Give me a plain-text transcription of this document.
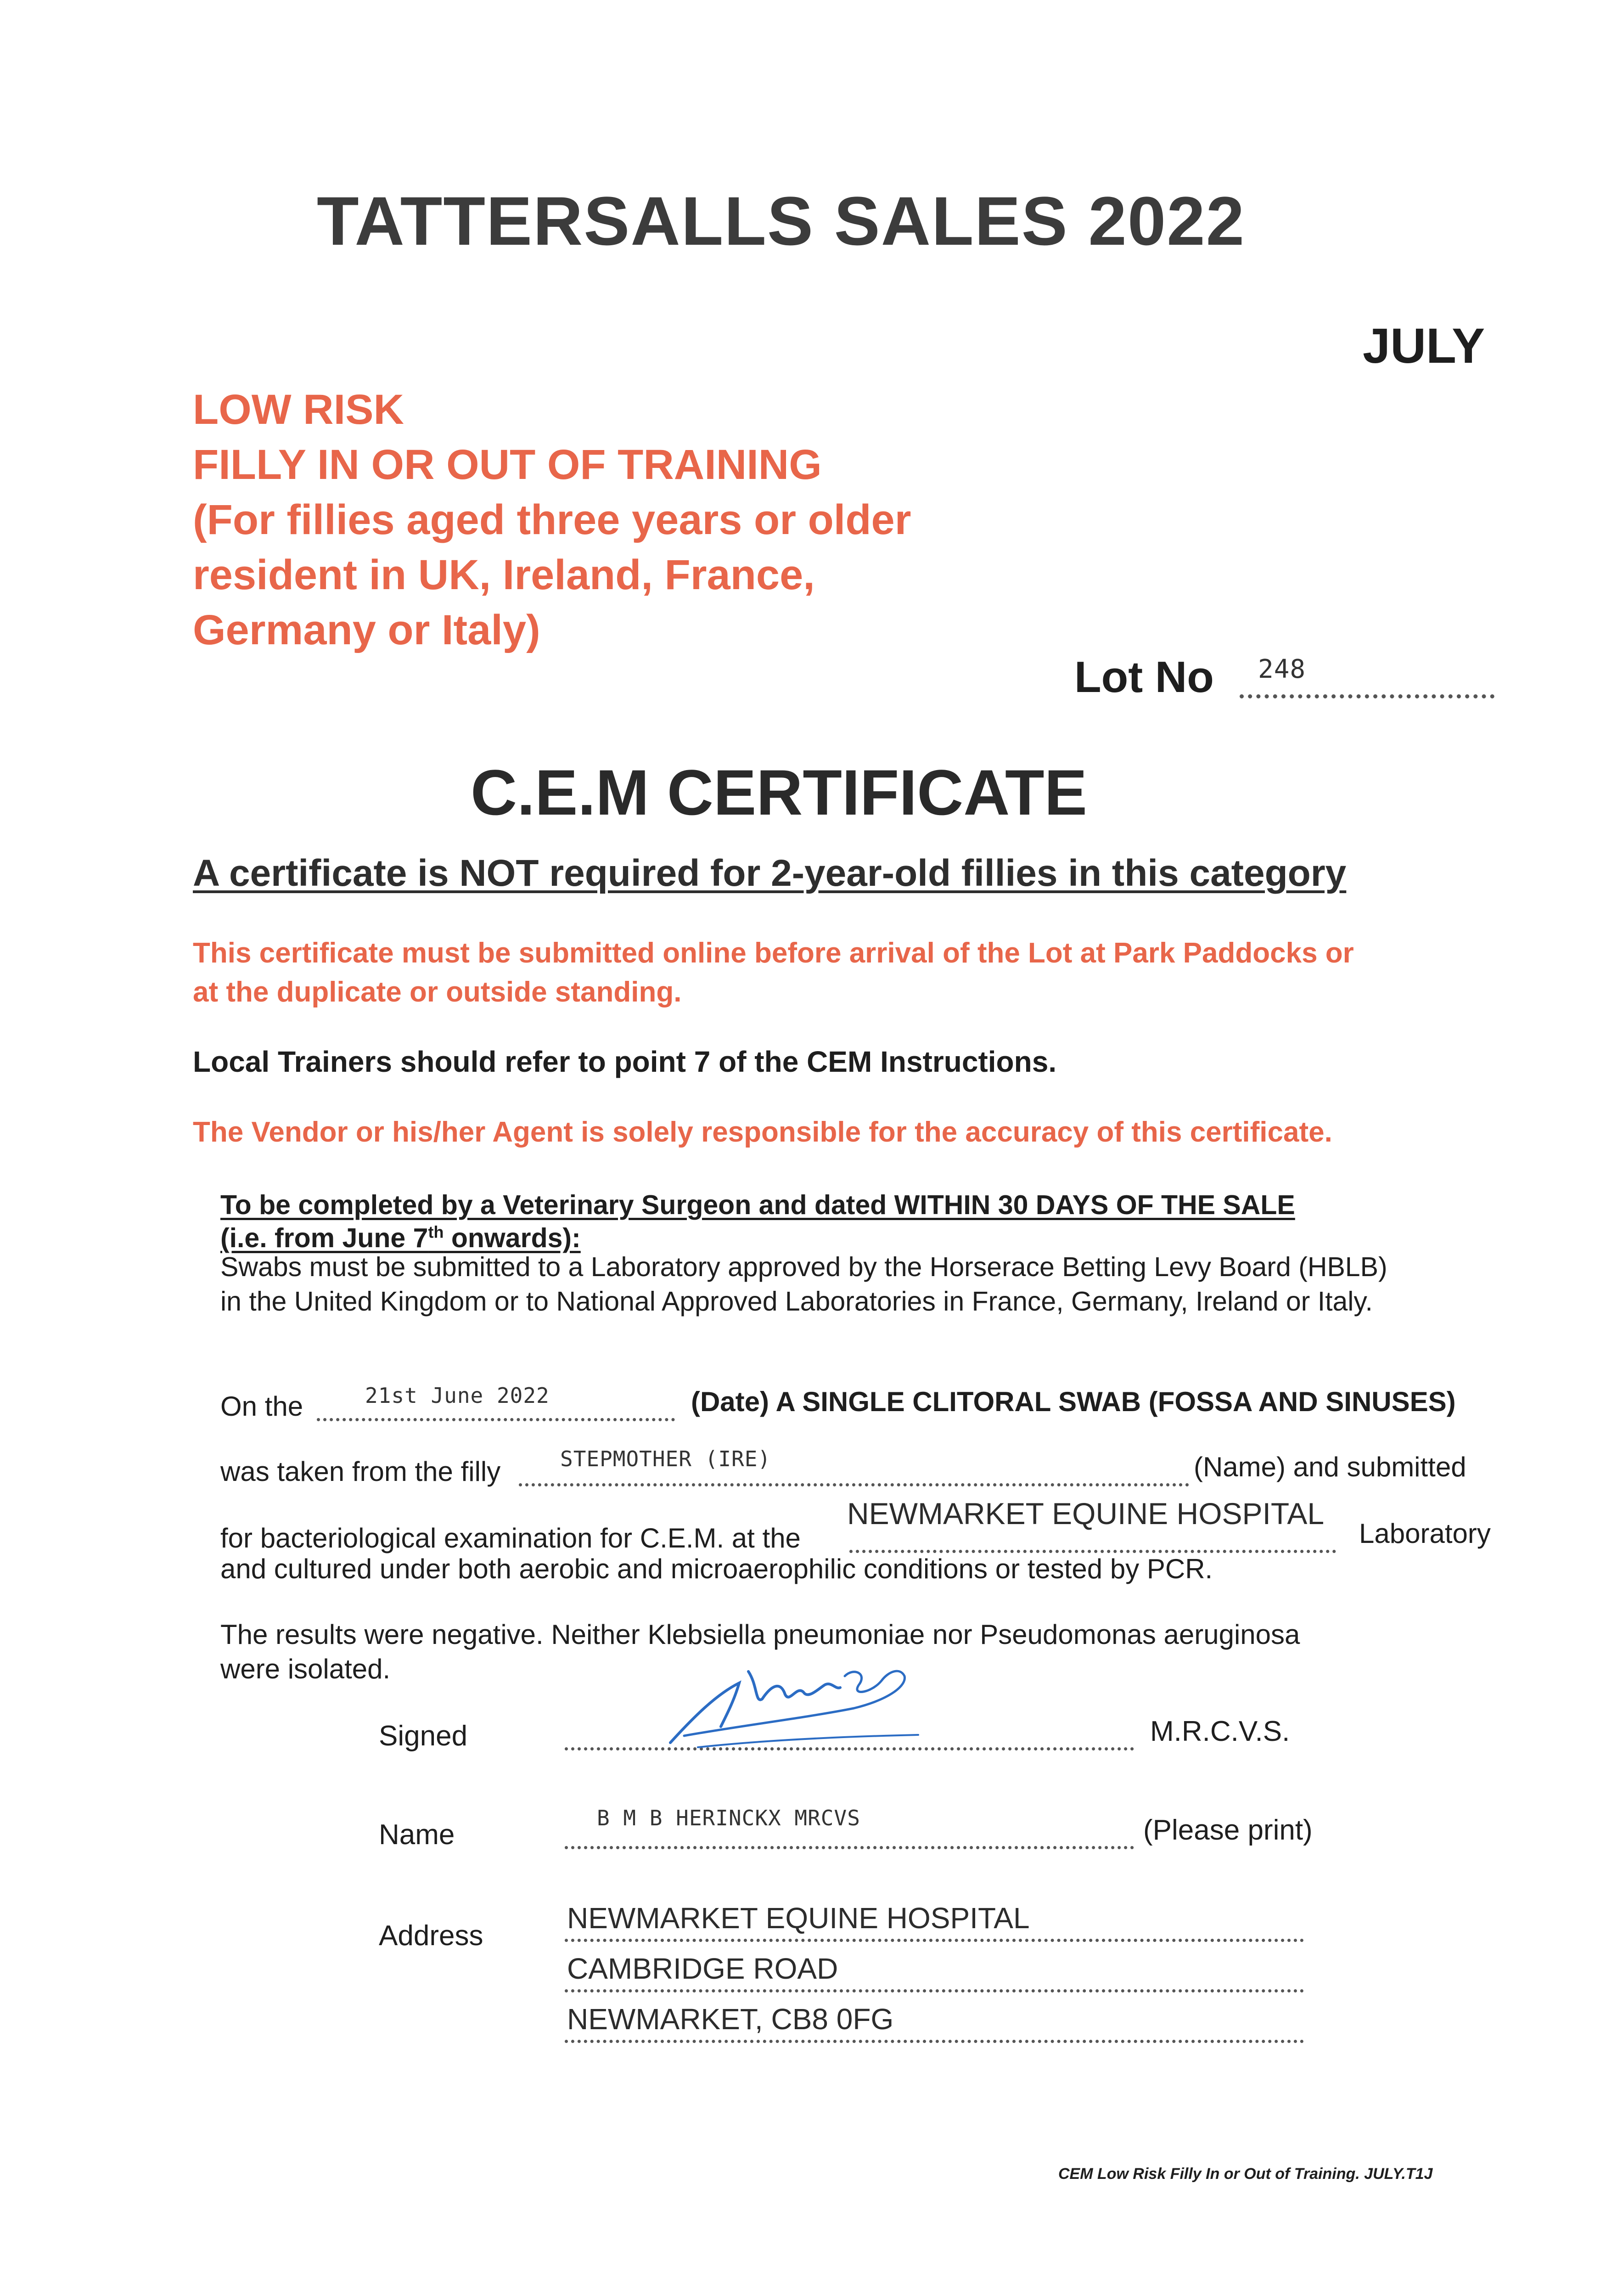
TATTERSALLS SALES 2022
JULY
LOW RISK
FILLY IN OR OUT OF TRAINING
(For fillies aged three years or older
resident in UK, Ireland, France,
Germany or Italy)
Lot No 248
C.E.M CERTIFICATE
A certificate is NOT required for 2-year-old fillies in this category
This certificate must be submitted online before arrival of the Lot at Park Paddocks or
at the duplicate or outside standing.
Local Trainers should refer to point 7 of the CEM Instructions.
The Vendor or his/her Agent is solely responsible for the accuracy of this certificate.
To be completed by a Veterinary Surgeon and dated WITHIN 30 DAYS OF THE SALE
(i.e. from June 7th onwards):
Swabs must be submitted to a Laboratory approved by the Horserace Betting Levy Board (HBLB)
in the United Kingdom or to National Approved Laboratories in France, Germany, Ireland or Italy.
On the	21st June 2022	(Date) A SINGLE CLITORAL SWAB (FOSSA AND SINUSES)
was taken from the filly	STEPMOTHER (IRE)	(Name) and submitted
for bacteriological examination for C.E.M. at the
NEWMARKET EQUINE HOSPITAL
Laboratory
and cultured under both aerobic and microaerophilic conditions or tested by PCR.
The results were negative. Neither Klebsiella pneumoniae nor Pseudomonas aeruginosa
were isolated.
Signed	M.R.C.V.S.
Name
B M B HERINCKX MRCVS	(Please print)
Address
NEWMARKET EQUINE HOSPITAL
CAMBRIDGE ROAD
NEWMARKET, CB8 0FG
CEM Low Risk Filly In or Out of Training. JULY.T1J
